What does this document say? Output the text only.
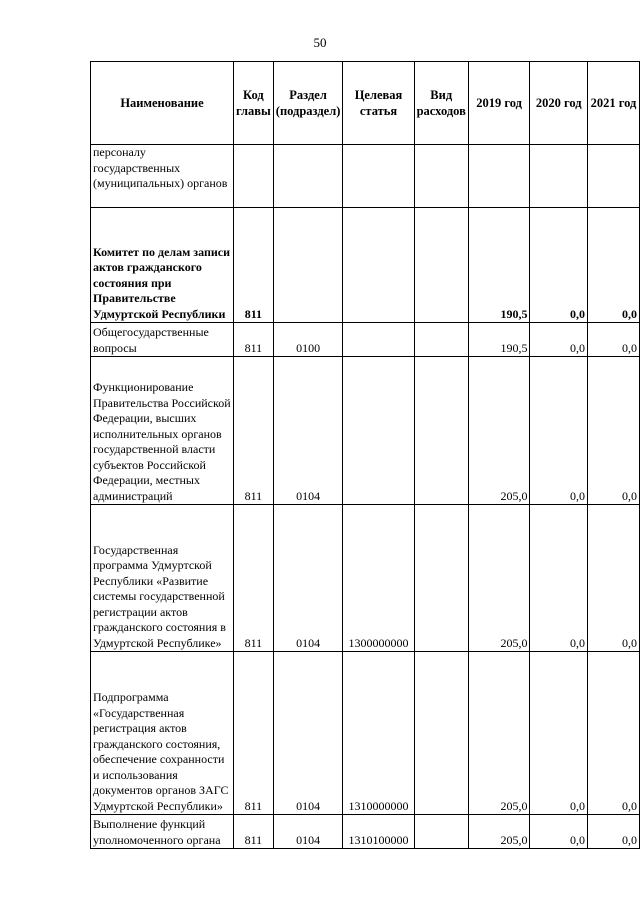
50
Наименование	Код главы	Раздел (подраздел)	Целевая статья	Вид расходов	2019 год	2020 год	2021 год
персоналу государственных (муниципальных) органов							
Комитет по делам записи актов гражданского состояния при Правительстве Удмуртской Республики	811				190,5	0,0	0,0
Общегосударственные вопросы	811	0100			190,5	0,0	0,0
Функционирование Правительства Российской Федерации, высших исполнительных органов государственной власти субъектов Российской Федерации, местных администраций	811	0104			205,0	0,0	0,0
Государственная программа Удмуртской Республики «Развитие системы государственной регистрации актов гражданского состояния в Удмуртской Республике»	811	0104	1300000000		205,0	0,0	0,0
Подпрограмма «Государственная регистрация актов гражданского состояния, обеспечение сохранности и использования документов органов ЗАГС Удмуртской Республики»	811	0104	1310000000		205,0	0,0	0,0
Выполнение функций уполномоченного органа	811	0104	1310100000		205,0	0,0	0,0
